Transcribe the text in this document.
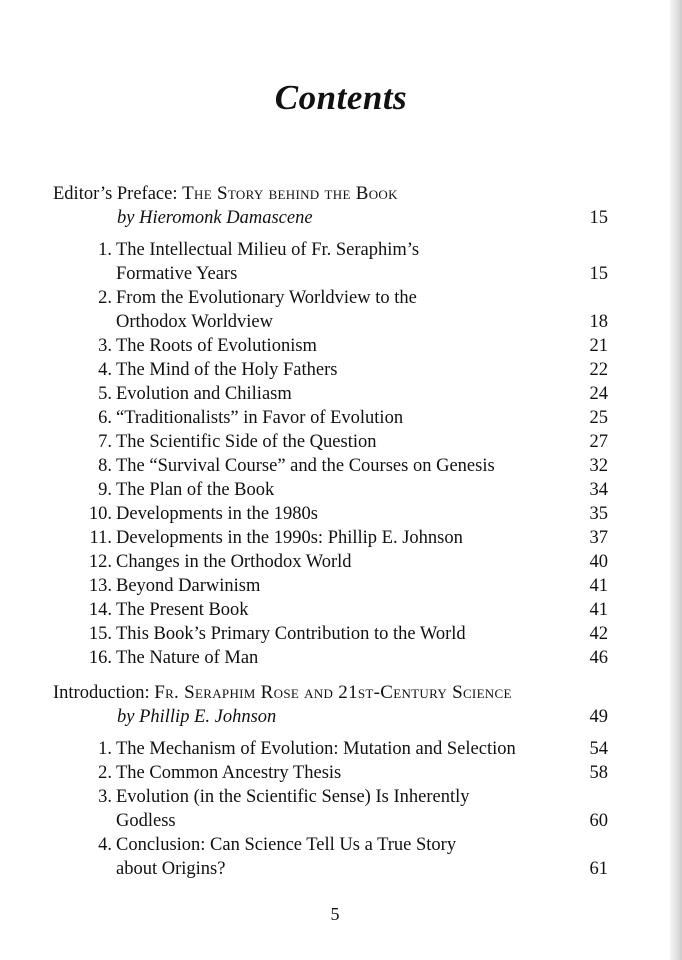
Contents
Editor’s Preface: The Story behind the Book
by Hieromonk Damascene	15
1. The Intellectual Milieu of Fr. Seraphim’s
Formative Years	15
2. From the Evolutionary Worldview to the
Orthodox Worldview	18
3. The Roots of Evolutionism	21
4. The Mind of the Holy Fathers	22
5. Evolution and Chiliasm	24
6. “Traditionalists” in Favor of Evolution	25
7. The Scientific Side of the Question	27
8. The “Survival Course” and the Courses on Genesis	32
9. The Plan of the Book	34
10. Developments in the 1980s	35
11. Developments in the 1990s: Phillip E. Johnson	37
12. Changes in the Orthodox World	40
13. Beyond Darwinism	41
14. The Present Book	41
15. This Book’s Primary Contribution to the World	42
16. The Nature of Man	46
Introduction: Fr. Seraphim Rose and 21st-Century Science
by Phillip E. Johnson	49
1. The Mechanism of Evolution: Mutation and Selection	54
2. The Common Ancestry Thesis	58
3. Evolution (in the Scientific Sense) Is Inherently
Godless	60
4. Conclusion: Can Science Tell Us a True Story
about Origins?	61
5
